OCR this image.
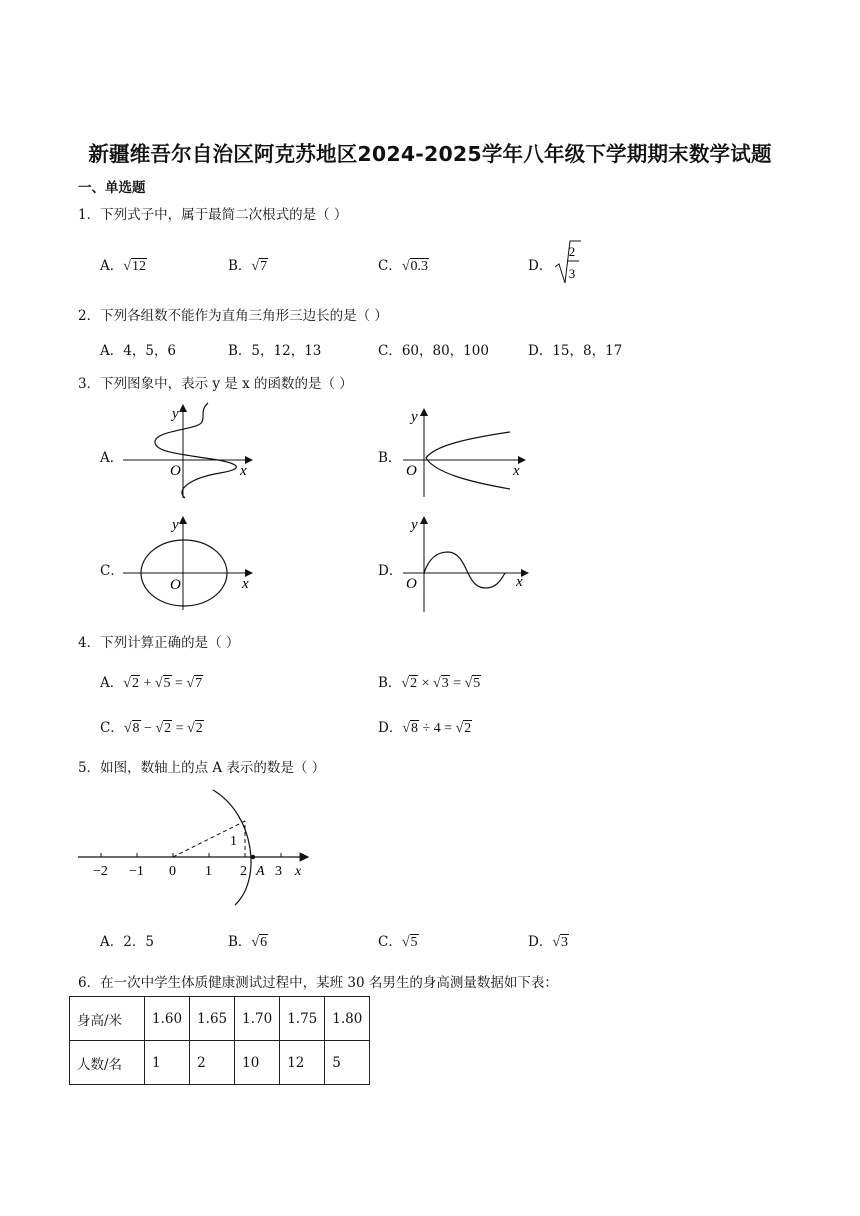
新疆维吾尔自治区阿克苏地区2024-2025学年八年级下学期期末数学试题
一、单选题
1．下列式子中，属于最简二次根式的是（ ）
A．√12	B．√7	C．√0.3	D．
2
3
2．下列各组数不能作为直角三角形三边长的是（ ）
A．4，5，6	B．5，12，13	C．60，80，100	D．15，8，17
3．下列图象中，表示 y 是 x 的函数的是（ ）
A．
y
x
O
B．
y
x
O
C．
y
x
O
D．
y
x
O
4．下列计算正确的是（ ）
A．√2 + √5 = √7	B．√2 × √3 = √5
C．√8 − √2 = √2	D．√8 ÷ 4 = √2
5．如图，数轴上的点 A 表示的数是（ ）
1
−2 −1 0 1 2 A 3 x
A．2．5	B．√6	C．√5	D．√3
6．在一次中学生体质健康测试过程中，某班 30 名男生的身高测量数据如下表：
身高/米	1.60	1.65	1.70	1.75	1.80
人数/名	1	2	10	12	5
